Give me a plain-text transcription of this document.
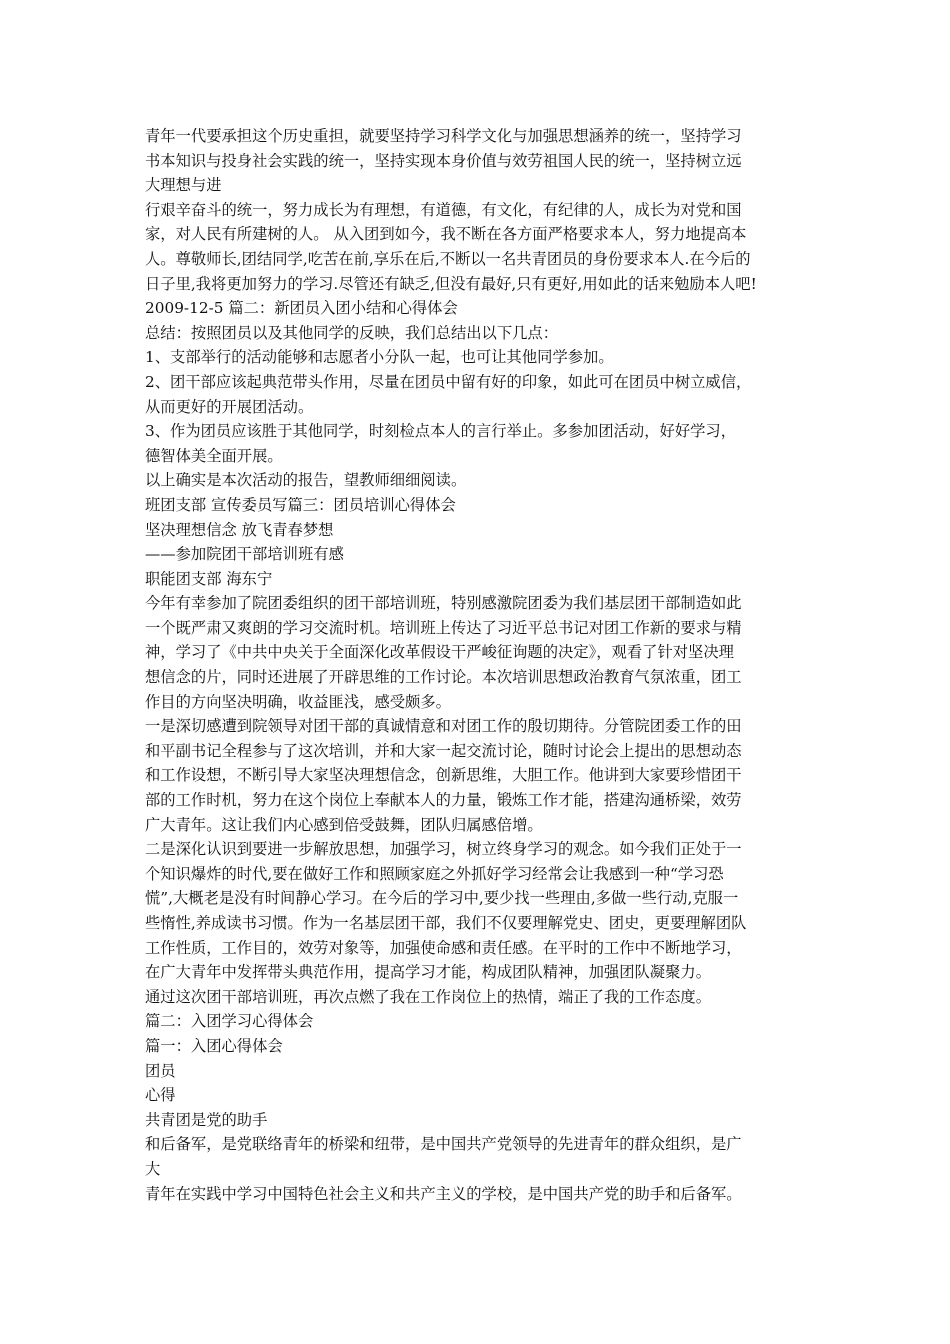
青年一代要承担这个历史重担，就要坚持学习科学文化与加强思想涵养的统一，坚持学习
书本知识与投身社会实践的统一，坚持实现本身价值与效劳祖国人民的统一，坚持树立远
大理想与进
行艰辛奋斗的统一，努力成长为有理想，有道德，有文化，有纪律的人，成长为对党和国
家，对人民有所建树的人。 从入团到如今，我不断在各方面严格要求本人，努力地提高本
人。尊敬师长,团结同学,吃苦在前,享乐在后,不断以一名共青团员的身份要求本人.在今后的
日子里,我将更加努力的学习.尽管还有缺乏,但没有最好,只有更好,用如此的话来勉励本人吧!
2009-12-5 篇二：新团员入团小结和心得体会
总结：按照团员以及其他同学的反映，我们总结出以下几点：
1、支部举行的活动能够和志愿者小分队一起，也可让其他同学参加。
2、团干部应该起典范带头作用，尽量在团员中留有好的印象，如此可在团员中树立威信，
从而更好的开展团活动。
3、作为团员应该胜于其他同学，时刻检点本人的言行举止。多参加团活动，好好学习，
德智体美全面开展。
以上确实是本次活动的报告，望教师细细阅读。
班团支部 宣传委员写篇三：团员培训心得体会
坚决理想信念 放飞青春梦想
——参加院团干部培训班有感
职能团支部 海东宁
今年有幸参加了院团委组织的团干部培训班，特别感激院团委为我们基层团干部制造如此
一个既严肃又爽朗的学习交流时机。培训班上传达了习近平总书记对团工作新的要求与精
神，学习了《中共中央关于全面深化改革假设干严峻征询题的决定》，观看了针对坚决理
想信念的片，同时还进展了开辟思维的工作讨论。本次培训思想政治教育气氛浓重，团工
作目的方向坚决明确，收益匪浅，感受颇多。
一是深切感遭到院领导对团干部的真诚情意和对团工作的殷切期待。分管院团委工作的田
和平副书记全程参与了这次培训，并和大家一起交流讨论，随时讨论会上提出的思想动态
和工作设想，不断引导大家坚决理想信念，创新思维，大胆工作。他讲到大家要珍惜团干
部的工作时机，努力在这个岗位上奉献本人的力量，锻炼工作才能，搭建沟通桥梁，效劳
广大青年。这让我们内心感到倍受鼓舞，团队归属感倍增。
二是深化认识到要进一步解放思想，加强学习，树立终身学习的观念。如今我们正处于一
个知识爆炸的时代,要在做好工作和照顾家庭之外抓好学习经常会让我感到一种“学习恐
慌”,大概老是没有时间静心学习。在今后的学习中,要少找一些理由,多做一些行动,克服一
些惰性,养成读书习惯。作为一名基层团干部，我们不仅要理解党史、团史，更要理解团队
工作性质，工作目的，效劳对象等，加强使命感和责任感。在平时的工作中不断地学习，
在广大青年中发挥带头典范作用，提高学习才能，构成团队精神，加强团队凝聚力。
通过这次团干部培训班，再次点燃了我在工作岗位上的热情，端正了我的工作态度。
篇二：入团学习心得体会
篇一：入团心得体会
团员
心得
共青团是党的助手
和后备军，是党联络青年的桥梁和纽带，是中国共产党领导的先进青年的群众组织，是广
大
青年在实践中学习中国特色社会主义和共产主义的学校，是中国共产党的助手和后备军。
